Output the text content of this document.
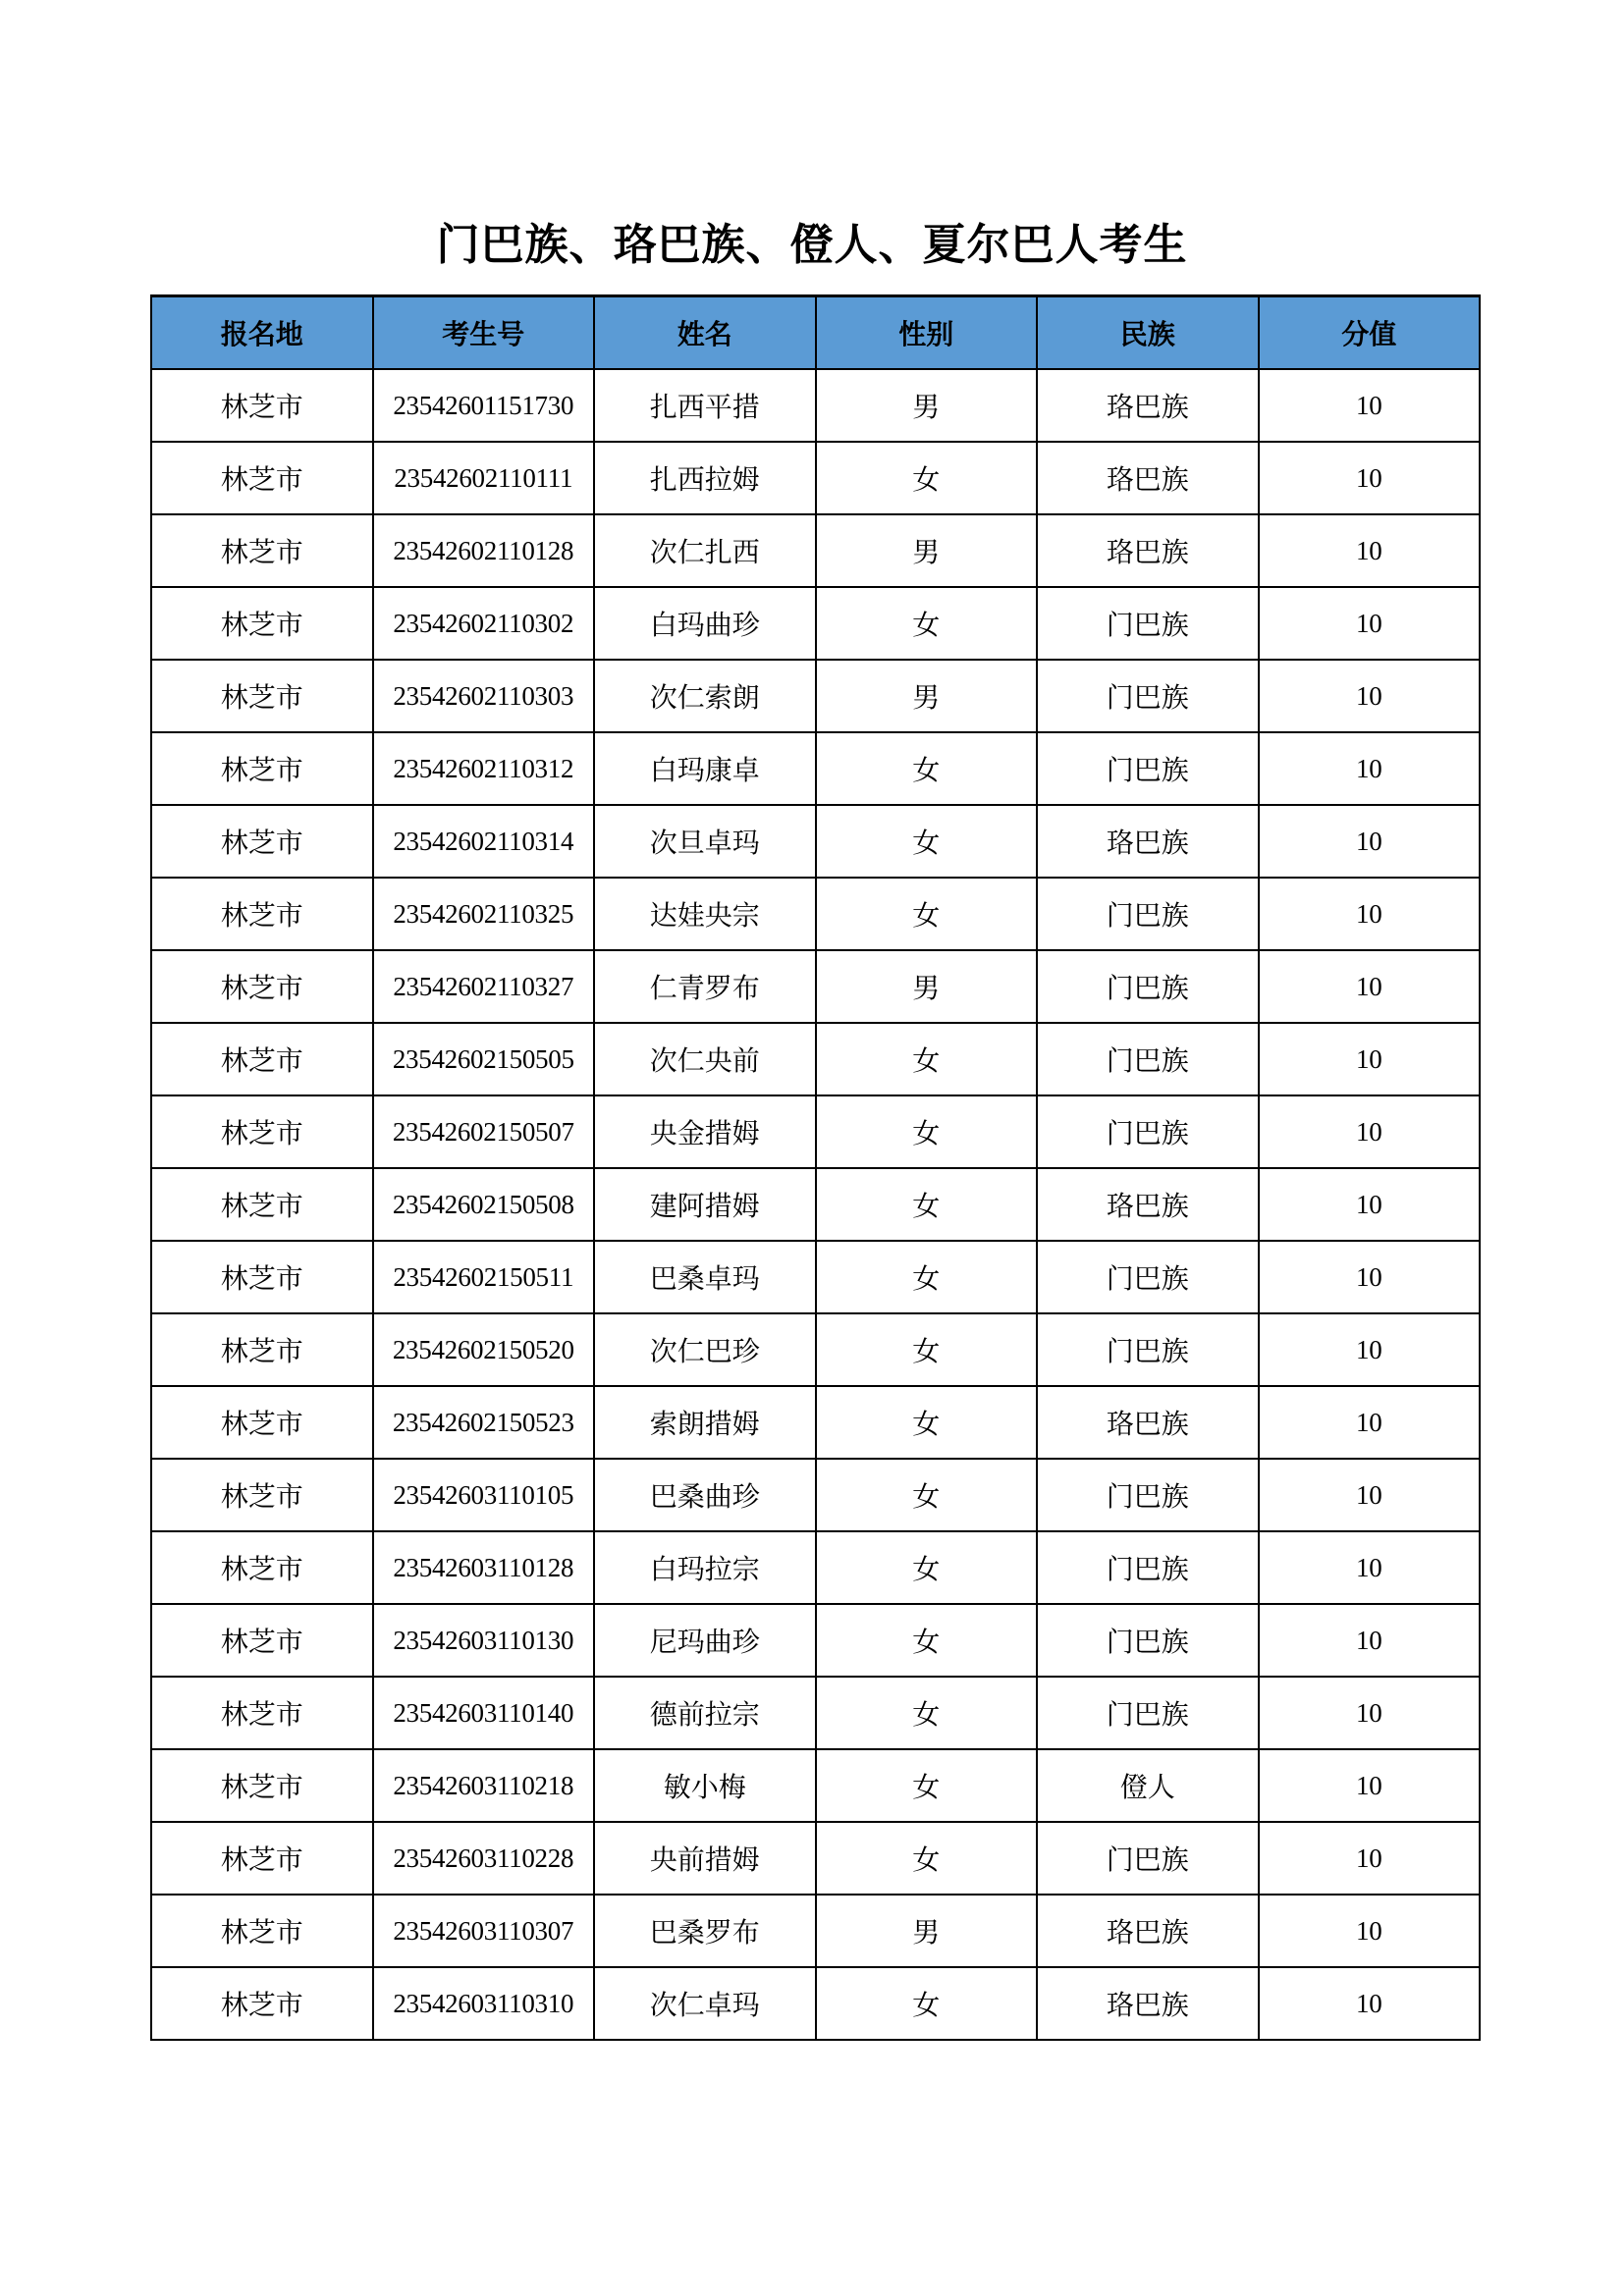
门巴族、珞巴族、僜人、夏尔巴人考生
报名地	考生号	姓名	性别	民族	分值
林芝市	23542601151730	扎西平措	男	珞巴族	10
林芝市	23542602110111	扎西拉姆	女	珞巴族	10
林芝市	23542602110128	次仁扎西	男	珞巴族	10
林芝市	23542602110302	白玛曲珍	女	门巴族	10
林芝市	23542602110303	次仁索朗	男	门巴族	10
林芝市	23542602110312	白玛康卓	女	门巴族	10
林芝市	23542602110314	次旦卓玛	女	珞巴族	10
林芝市	23542602110325	达娃央宗	女	门巴族	10
林芝市	23542602110327	仁青罗布	男	门巴族	10
林芝市	23542602150505	次仁央前	女	门巴族	10
林芝市	23542602150507	央金措姆	女	门巴族	10
林芝市	23542602150508	建阿措姆	女	珞巴族	10
林芝市	23542602150511	巴桑卓玛	女	门巴族	10
林芝市	23542602150520	次仁巴珍	女	门巴族	10
林芝市	23542602150523	索朗措姆	女	珞巴族	10
林芝市	23542603110105	巴桑曲珍	女	门巴族	10
林芝市	23542603110128	白玛拉宗	女	门巴族	10
林芝市	23542603110130	尼玛曲珍	女	门巴族	10
林芝市	23542603110140	德前拉宗	女	门巴族	10
林芝市	23542603110218	敏小梅	女	僜人	10
林芝市	23542603110228	央前措姆	女	门巴族	10
林芝市	23542603110307	巴桑罗布	男	珞巴族	10
林芝市	23542603110310	次仁卓玛	女	珞巴族	10
